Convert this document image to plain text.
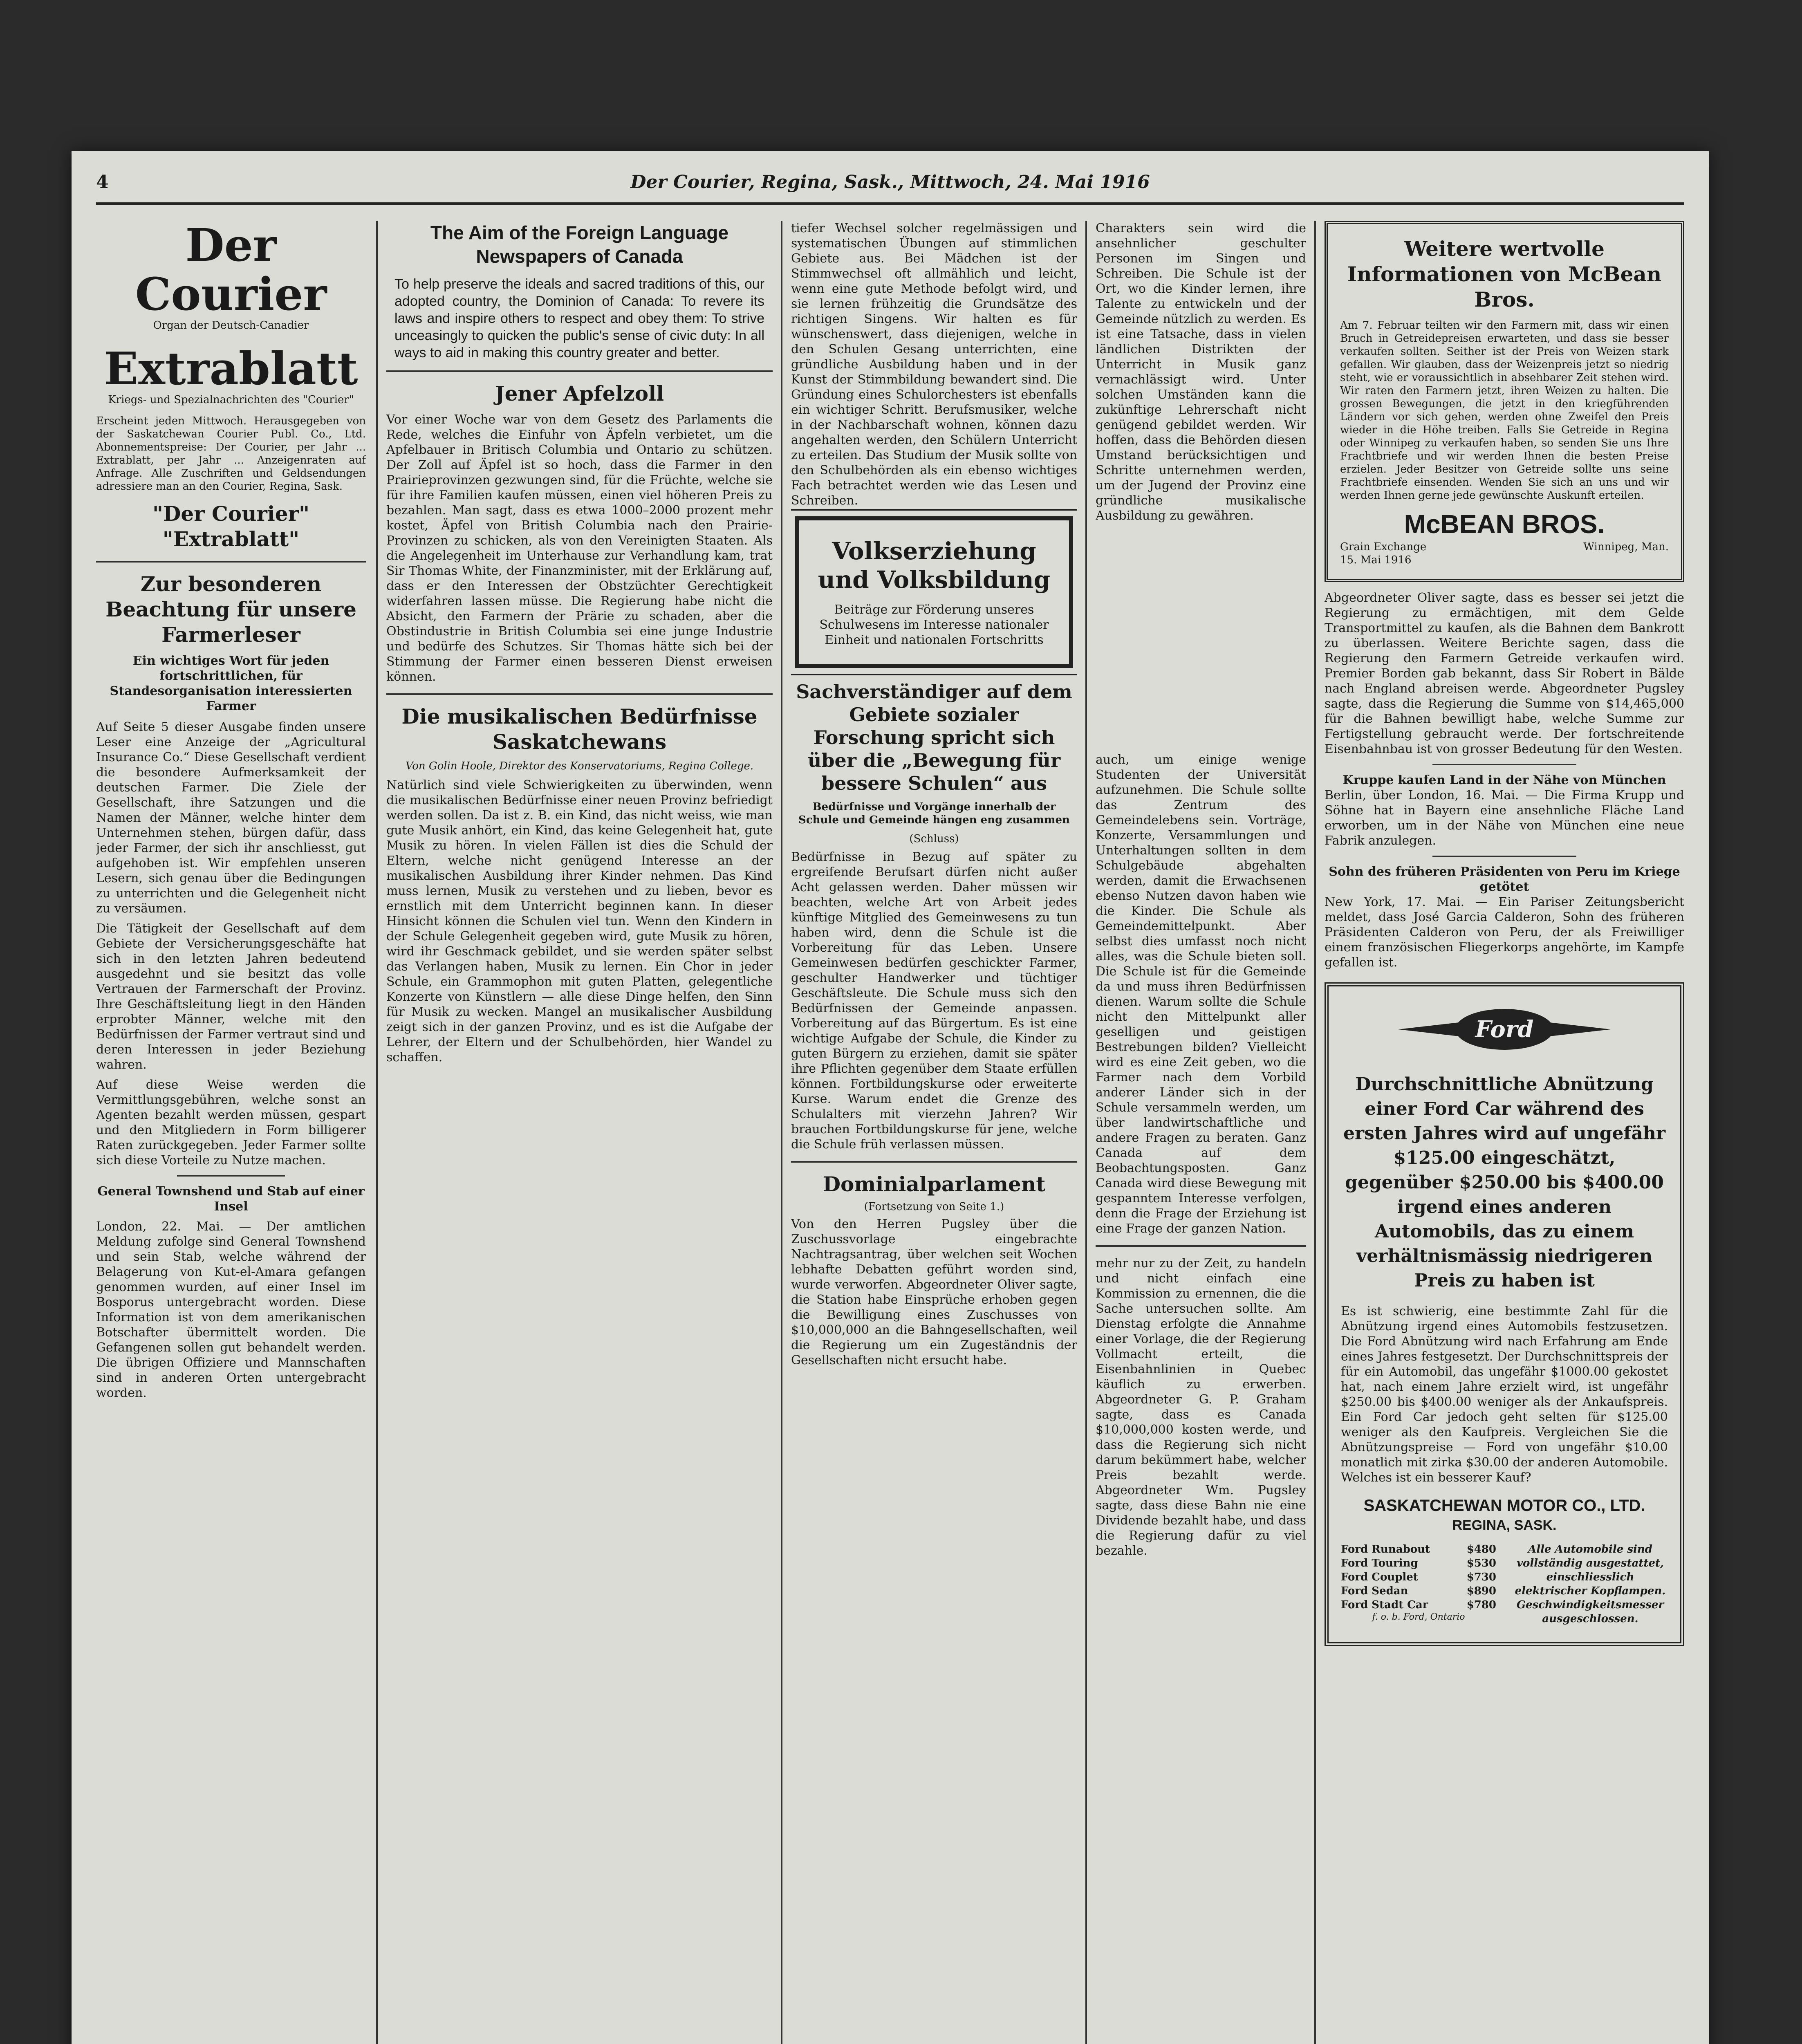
4	Der Courier, Regina, Sask., Mittwoch, 24. Mai 1916
Der Courier
Organ der Deutsch-Canadier
Extrablatt
Kriegs- und Spezialnachrichten des "Courier"
Erscheint jeden Mittwoch. Herausgegeben von der Saskatchewan Courier Publ. Co., Ltd. Abonnementspreise: Der Courier, per Jahr ... Extrablatt, per Jahr ... Anzeigenraten auf Anfrage. Alle Zuschriften und Geldsendungen adressiere man an den Courier, Regina, Sask.
"Der Courier"
"Extrablatt"
Zur besonderen Beachtung für unsere Farmerleser
Ein wichtiges Wort für jeden fortschrittlichen, für Standesorganisation interessierten Farmer
Auf Seite 5 dieser Ausgabe finden unsere Leser eine Anzeige der „Agricultural Insurance Co.“ Diese Gesellschaft verdient die besondere Aufmerksamkeit der deutschen Farmer. Die Ziele der Gesellschaft, ihre Satzungen und die Namen der Männer, welche hinter dem Unternehmen stehen, bürgen dafür, dass jeder Farmer, der sich ihr anschliesst, gut aufgehoben ist. Wir empfehlen unseren Lesern, sich genau über die Bedingungen zu unterrichten und die Gelegenheit nicht zu versäumen.
Die Tätigkeit der Gesellschaft auf dem Gebiete der Versicherungsgeschäfte hat sich in den letzten Jahren bedeutend ausgedehnt und sie besitzt das volle Vertrauen der Farmerschaft der Provinz. Ihre Geschäftsleitung liegt in den Händen erprobter Männer, welche mit den Bedürfnissen der Farmer vertraut sind und deren Interessen in jeder Beziehung wahren.
Auf diese Weise werden die Vermittlungsgebühren, welche sonst an Agenten bezahlt werden müssen, gespart und den Mitgliedern in Form billigerer Raten zurückgegeben. Jeder Farmer sollte sich diese Vorteile zu Nutze machen.
General Townshend und Stab auf einer Insel
London, 22. Mai. — Der amtlichen Meldung zufolge sind General Townshend und sein Stab, welche während der Belagerung von Kut-el-Amara gefangen genommen wurden, auf einer Insel im Bosporus untergebracht worden. Diese Information ist von dem amerikanischen Botschafter übermittelt worden. Die Gefangenen sollen gut behandelt werden. Die übrigen Offiziere und Mannschaften sind in anderen Orten untergebracht worden.
The Aim of the Foreign Language Newspapers of Canada
To help preserve the ideals and sacred traditions of this, our adopted country, the Dominion of Canada: To revere its laws and inspire others to respect and obey them: To strive unceasingly to quicken the public's sense of civic duty: In all ways to aid in making this country greater and better.
Jener Apfelzoll
Vor einer Woche war von dem Gesetz des Parlaments die Rede, welches die Einfuhr von Äpfeln verbietet, um die Apfelbauer in Britisch Columbia und Ontario zu schützen. Der Zoll auf Äpfel ist so hoch, dass die Farmer in den Prairieprovinzen gezwungen sind, für die Früchte, welche sie für ihre Familien kaufen müssen, einen viel höheren Preis zu bezahlen. Man sagt, dass es etwa 1000–2000 prozent mehr kostet, Äpfel von British Columbia nach den Prairie-Provinzen zu schicken, als von den Vereinigten Staaten. Als die Angelegenheit im Unterhause zur Verhandlung kam, trat Sir Thomas White, der Finanzminister, mit der Erklärung auf, dass er den Interessen der Obstzüchter Gerechtigkeit widerfahren lassen müsse. Die Regierung habe nicht die Absicht, den Farmern der Prärie zu schaden, aber die Obstindustrie in British Columbia sei eine junge Industrie und bedürfe des Schutzes. Sir Thomas hätte sich bei der Stimmung der Farmer einen besseren Dienst erweisen können.
Die musikalischen Bedürfnisse Saskatchewans
Von Golin Hoole, Direktor des Konservatoriums, Regina College.
Natürlich sind viele Schwierigkeiten zu überwinden, wenn die musikalischen Bedürfnisse einer neuen Provinz befriedigt werden sollen. Da ist z. B. ein Kind, das nicht weiss, wie man gute Musik anhört, ein Kind, das keine Gelegenheit hat, gute Musik zu hören. In vielen Fällen ist dies die Schuld der Eltern, welche nicht genügend Interesse an der musikalischen Ausbildung ihrer Kinder nehmen. Das Kind muss lernen, Musik zu verstehen und zu lieben, bevor es ernstlich mit dem Unterricht beginnen kann. In dieser Hinsicht können die Schulen viel tun. Wenn den Kindern in der Schule Gelegenheit gegeben wird, gute Musik zu hören, wird ihr Geschmack gebildet, und sie werden später selbst das Verlangen haben, Musik zu lernen. Ein Chor in jeder Schule, ein Grammophon mit guten Platten, gelegentliche Konzerte von Künstlern — alle diese Dinge helfen, den Sinn für Musik zu wecken. Mangel an musikalischer Ausbildung zeigt sich in der ganzen Provinz, und es ist die Aufgabe der Lehrer, der Eltern und der Schulbehörden, hier Wandel zu schaffen.
tiefer Wechsel solcher regelmässigen und systematischen Übungen auf stimmlichen Gebiete aus. Bei Mädchen ist der Stimmwechsel oft allmählich und leicht, wenn eine gute Methode befolgt wird, und sie lernen frühzeitig die Grundsätze des richtigen Singens. Wir halten es für wünschenswert, dass diejenigen, welche in den Schulen Gesang unterrichten, eine gründliche Ausbildung haben und in der Kunst der Stimmbildung bewandert sind. Die Gründung eines Schulorchesters ist ebenfalls ein wichtiger Schritt. Berufsmusiker, welche in der Nachbarschaft wohnen, können dazu angehalten werden, den Schülern Unterricht zu erteilen. Das Studium der Musik sollte von den Schulbehörden als ein ebenso wichtiges Fach betrachtet werden wie das Lesen und Schreiben.
Volkserziehung und Volksbildung
Beiträge zur Förderung unseres Schulwesens im Interesse nationaler Einheit und nationalen Fortschritts
Sachverständiger auf dem Gebiete sozialer Forschung spricht sich über die „Bewegung für bessere Schulen“ aus
Bedürfnisse und Vorgänge innerhalb der Schule und Gemeinde hängen eng zusammen
(Schluss)
Bedürfnisse in Bezug auf später zu ergreifende Berufsart dürfen nicht außer Acht gelassen werden. Daher müssen wir beachten, welche Art von Arbeit jedes künftige Mitglied des Gemeinwesens zu tun haben wird, denn die Schule ist die Vorbereitung für das Leben. Unsere Gemeinwesen bedürfen geschickter Farmer, geschulter Handwerker und tüchtiger Geschäftsleute. Die Schule muss sich den Bedürfnissen der Gemeinde anpassen. Vorbereitung auf das Bürgertum. Es ist eine wichtige Aufgabe der Schule, die Kinder zu guten Bürgern zu erziehen, damit sie später ihre Pflichten gegenüber dem Staate erfüllen können. Fortbildungskurse oder erweiterte Kurse. Warum endet die Grenze des Schulalters mit vierzehn Jahren? Wir brauchen Fortbildungskurse für jene, welche die Schule früh verlassen müssen.
Dominialparlament
(Fortsetzung von Seite 1.)
Von den Herren Pugsley über die Zuschussvorlage eingebrachte Nachtragsantrag, über welchen seit Wochen lebhafte Debatten geführt worden sind, wurde verworfen. Abgeordneter Oliver sagte, die Station habe Einsprüche erhoben gegen die Bewilligung eines Zuschusses von $10,000,000 an die Bahngesellschaften, weil die Regierung um ein Zugeständnis der Gesellschaften nicht ersucht habe.
Charakters sein wird die ansehnlicher geschulter Personen im Singen und Schreiben. Die Schule ist der Ort, wo die Kinder lernen, ihre Talente zu entwickeln und der Gemeinde nützlich zu werden. Es ist eine Tatsache, dass in vielen ländlichen Distrikten der Unterricht in Musik ganz vernachlässigt wird. Unter solchen Umständen kann die zukünftige Lehrerschaft nicht genügend gebildet werden. Wir hoffen, dass die Behörden diesen Umstand berücksichtigen und Schritte unternehmen werden, um der Jugend der Provinz eine gründliche musikalische Ausbildung zu gewähren.
auch, um einige wenige Studenten der Universität aufzunehmen. Die Schule sollte das Zentrum des Gemeindelebens sein. Vorträge, Konzerte, Versammlungen und Unterhaltungen sollten in dem Schulgebäude abgehalten werden, damit die Erwachsenen ebenso Nutzen davon haben wie die Kinder. Die Schule als Gemeindemittelpunkt. Aber selbst dies umfasst noch nicht alles, was die Schule bieten soll. Die Schule ist für die Gemeinde da und muss ihren Bedürfnissen dienen. Warum sollte die Schule nicht den Mittelpunkt aller geselligen und geistigen Bestrebungen bilden? Vielleicht wird es eine Zeit geben, wo die Farmer nach dem Vorbild anderer Länder sich in der Schule versammeln werden, um über landwirtschaftliche und andere Fragen zu beraten. Ganz Canada auf dem Beobachtungsposten. Ganz Canada wird diese Bewegung mit gespanntem Interesse verfolgen, denn die Frage der Erziehung ist eine Frage der ganzen Nation.
mehr nur zu der Zeit, zu handeln und nicht einfach eine Kommission zu ernennen, die die Sache untersuchen sollte. Am Dienstag erfolgte die Annahme einer Vorlage, die der Regierung Vollmacht erteilt, die Eisenbahnlinien in Quebec käuflich zu erwerben. Abgeordneter G. P. Graham sagte, dass es Canada $10,000,000 kosten werde, und dass die Regierung sich nicht darum bekümmert habe, welcher Preis bezahlt werde. Abgeordneter Wm. Pugsley sagte, dass diese Bahn nie eine Dividende bezahlt habe, und dass die Regierung dafür zu viel bezahle.
Weitere wertvolle Informationen von McBean Bros.
Am 7. Februar teilten wir den Farmern mit, dass wir einen Bruch in Getreidepreisen erwarteten, und dass sie besser verkaufen sollten. Seither ist der Preis von Weizen stark gefallen. Wir glauben, dass der Weizenpreis jetzt so niedrig steht, wie er voraussichtlich in absehbarer Zeit stehen wird. Wir raten den Farmern jetzt, ihren Weizen zu halten. Die grossen Bewegungen, die jetzt in den kriegführenden Ländern vor sich gehen, werden ohne Zweifel den Preis wieder in die Höhe treiben. Falls Sie Getreide in Regina oder Winnipeg zu verkaufen haben, so senden Sie uns Ihre Frachtbriefe und wir werden Ihnen die besten Preise erzielen. Jeder Besitzer von Getreide sollte uns seine Frachtbriefe einsenden. Wenden Sie sich an uns und wir werden Ihnen gerne jede gewünschte Auskunft erteilen.
McBEAN BROS.
Grain Exchange	Winnipeg, Man.
15. Mai 1916
Abgeordneter Oliver sagte, dass es besser sei jetzt die Regierung zu ermächtigen, mit dem Gelde Transportmittel zu kaufen, als die Bahnen dem Bankrott zu überlassen. Weitere Berichte sagen, dass die Regierung den Farmern Getreide verkaufen wird. Premier Borden gab bekannt, dass Sir Robert in Bälde nach England abreisen werde. Abgeordneter Pugsley sagte, dass die Regierung die Summe von $14,465,000 für die Bahnen bewilligt habe, welche Summe zur Fertigstellung gebraucht werde. Der fortschreitende Eisenbahnbau ist von grosser Bedeutung für den Westen.
Kruppe kaufen Land in der Nähe von München
Berlin, über London, 16. Mai. — Die Firma Krupp und Söhne hat in Bayern eine ansehnliche Fläche Land erworben, um in der Nähe von München eine neue Fabrik anzulegen.
Sohn des früheren Präsidenten von Peru im Kriege getötet
New York, 17. Mai. — Ein Pariser Zeitungsbericht meldet, dass José Garcia Calderon, Sohn des früheren Präsidenten Calderon von Peru, der als Freiwilliger einem französischen Fliegerkorps angehörte, im Kampfe gefallen ist.
Ford
Durchschnittliche Abnützung einer Ford Car während des ersten Jahres wird auf ungefähr $125.00 eingeschätzt, gegenüber $250.00 bis $400.00 irgend eines anderen Automobils, das zu einem verhältnismässig niedrigeren Preis zu haben ist
Es ist schwierig, eine bestimmte Zahl für die Abnützung irgend eines Automobils festzusetzen. Die Ford Abnützung wird nach Erfahrung am Ende eines Jahres festgesetzt. Der Durchschnittspreis der für ein Automobil, das ungefähr $1000.00 gekostet hat, nach einem Jahre erzielt wird, ist ungefähr $250.00 bis $400.00 weniger als der Ankaufspreis. Ein Ford Car jedoch geht selten für $125.00 weniger als den Kaufpreis. Vergleichen Sie die Abnützungspreise — Ford von ungefähr $10.00 monatlich mit zirka $30.00 der anderen Automobile. Welches ist ein besserer Kauf?
SASKATCHEWAN MOTOR CO., LTD.
REGINA, SASK.
Ford Runabout	$480
Ford Touring	$530
Ford Couplet	$730
Ford Sedan	$890
Ford Stadt Car	$780
f. o. b. Ford, Ontario
Alle Automobile sind vollständig ausgestattet, einschliesslich elektrischer Kopflampen. Geschwindigkeitsmesser ausgeschlossen.
